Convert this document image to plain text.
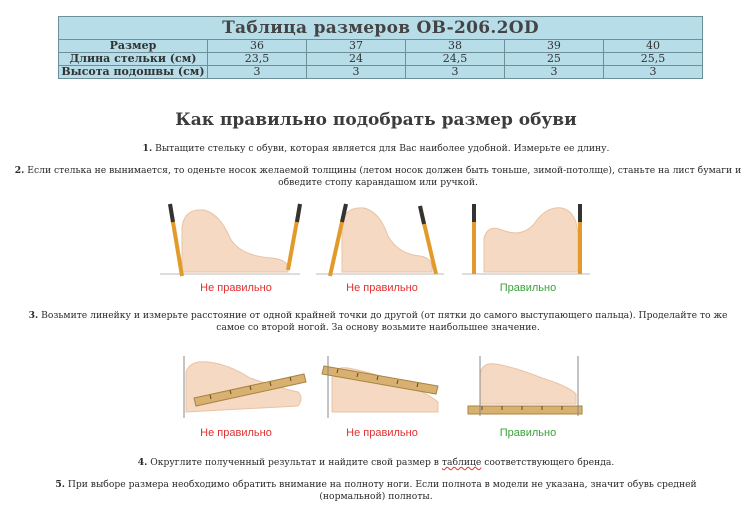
Таблица размеров OB-206.2OD					
Размер	36	37	38	39	40
Длина стельки (см)	23,5	24	24,5	25	25,5
Высота подошвы (см)	3	3	3	3	3
Как правильно подобрать размер обуви
1. Вытащите стельку с обуви, которая является для Вас наиболее удобной. Измерьте ее длину.
2. Если стелька не вынимается, то оденьте носок желаемой толщины (летом носок должен быть тоньше, зимой-потолще), станьте на лист бумаги и обведите стопу карандашом или ручкой.
Не правильно	Не правильно	Правильно
3. Возьмите линейку и измерьте расстояние от одной крайней точки до другой (от пятки до самого выступающего пальца). Проделайте то же самое со второй ногой. За основу возьмите наибольшее значение.
Не правильно	Не правильно	Правильно
4. Округлите полученный результат и найдите свой размер в таблице соответствующего бренда.
5. При выборе размера необходимо обратить внимание на полноту ноги. Если полнота в модели не указана, значит обувь средней (нормальной) полноты.
